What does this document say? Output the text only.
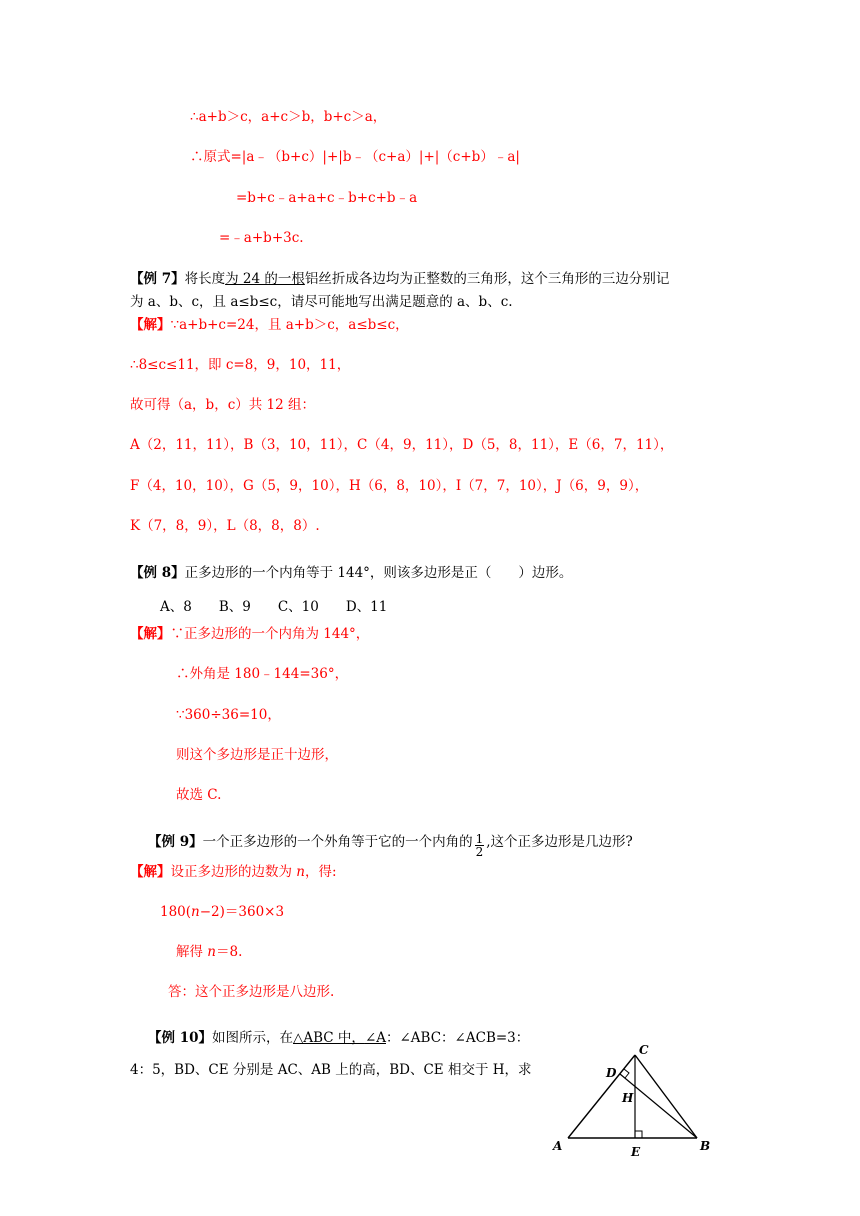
∴a+b＞c，a+c＞b，b+c＞a，
∴原式=|a﹣（b+c）|+|b﹣（c+a）|+|（c+b）﹣a|
=b+c﹣a+a+c﹣b+c+b﹣a
=﹣a+b+3c.
【例 7】将长度为 24 的一根铝丝折成各边均为正整数的三角形，这个三角形的三边分别记
为 a、b、c，且 a≤b≤c，请尽可能地写出满足题意的 a、b、c.
【解】∵a+b+c=24，且 a+b＞c，a≤b≤c，
∴8≤c≤11，即 c=8，9，10，11，
故可得（a，b，c）共 12 组：
A（2，11，11），B（3，10，11），C（4，9，11），D（5，8，11），E（6，7，11），
F（4，10，10），G（5，9，10），H（6，8，10），I（7，7，10），J（6，9，9），
K（7，8，9），L（8，8，8）.
【例 8】正多边形的一个内角等于 144°，则该多边形是正（　　）边形。
A、8　　B、9　　C、10　　D、11
【解】∵正多边形的一个内角为 144°，
∴外角是 180﹣144=36°，
∵360÷36=10，
则这个多边形是正十边形，
故选 C.
【例 9】一个正多边形的一个外角等于它的一个内角的 $\frac{1}{2}$ ,这个正多边形是几边形?
【解】设正多边形的边数为 n，得:
180(n−2)＝360×3
解得 n＝8.
答：这个正多边形是八边形.
【例 10】如图所示，在△ABC 中，∠A：∠ABC：∠ACB=3：
4：5，BD、CE 分别是 AC、AB 上的高，BD、CE 相交于 H，求
C
D
H
A	E	B
